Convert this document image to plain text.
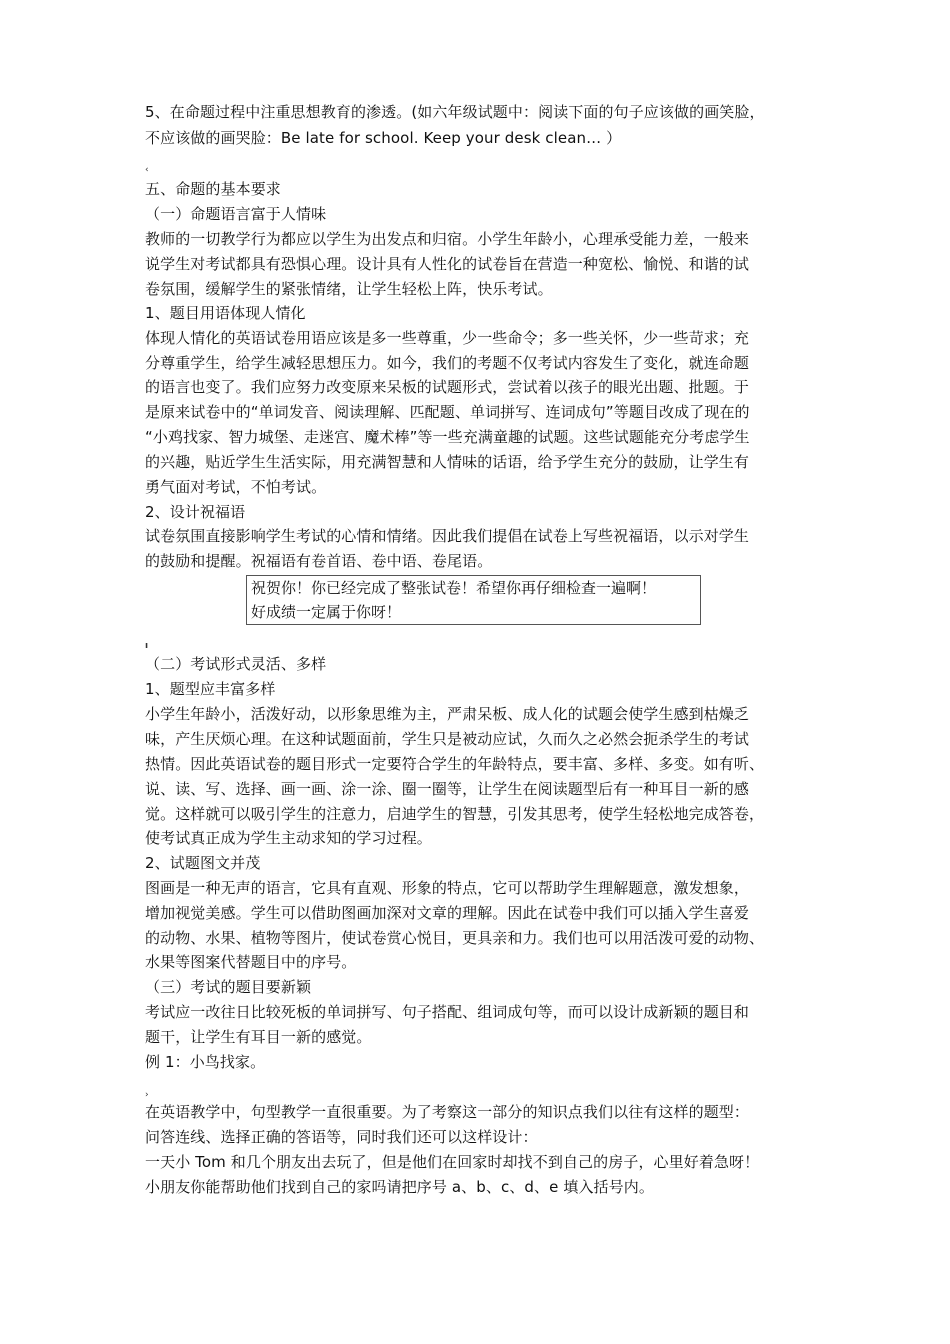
5、在命题过程中注重思想教育的渗透。(如六年级试题中：阅读下面的句子应该做的画笑脸，
不应该做的画哭脸：Be late for school. Keep your desk clean… ）
‹
五、命题的基本要求
（一）命题语言富于人情味
教师的一切教学行为都应以学生为出发点和归宿。小学生年龄小，心理承受能力差，一般来
说学生对考试都具有恐惧心理。设计具有人性化的试卷旨在营造一种宽松、愉悦、和谐的试
卷氛围，缓解学生的紧张情绪，让学生轻松上阵，快乐考试。
1、题目用语体现人情化
体现人情化的英语试卷用语应该是多一些尊重，少一些命令；多一些关怀，少一些苛求；充
分尊重学生，给学生减轻思想压力。如今，我们的考题不仅考试内容发生了变化，就连命题
的语言也变了。我们应努力改变原来呆板的试题形式，尝试着以孩子的眼光出题、批题。于
是原来试卷中的“单词发音、阅读理解、匹配题、单词拼写、连词成句”等题目改成了现在的
“小鸡找家、智力城堡、走迷宫、魔术棒”等一些充满童趣的试题。这些试题能充分考虑学生
的兴趣，贴近学生生活实际，用充满智慧和人情味的话语，给予学生充分的鼓励，让学生有
勇气面对考试，不怕考试。
2、设计祝福语
试卷氛围直接影响学生考试的心情和情绪。因此我们提倡在试卷上写些祝福语，以示对学生
的鼓励和提醒。祝福语有卷首语、卷中语、卷尾语。
祝贺你！你已经完成了整张试卷！希望你再仔细检查一遍啊！
好成绩一定属于你呀！
ı
（二）考试形式灵活、多样
1、题型应丰富多样
小学生年龄小，活泼好动，以形象思维为主，严肃呆板、成人化的试题会使学生感到枯燥乏
味，产生厌烦心理。在这种试题面前，学生只是被动应试，久而久之必然会扼杀学生的考试
热情。因此英语试卷的题目形式一定要符合学生的年龄特点，要丰富、多样、多变。如有听、
说、读、写、选择、画一画、涂一涂、圈一圈等，让学生在阅读题型后有一种耳目一新的感
觉。这样就可以吸引学生的注意力，启迪学生的智慧，引发其思考，使学生轻松地完成答卷，
使考试真正成为学生主动求知的学习过程。
2、试题图文并茂
图画是一种无声的语言，它具有直观、形象的特点，它可以帮助学生理解题意，激发想象，
增加视觉美感。学生可以借助图画加深对文章的理解。因此在试卷中我们可以插入学生喜爱
的动物、水果、植物等图片，使试卷赏心悦目，更具亲和力。我们也可以用活泼可爱的动物、
水果等图案代替题目中的序号。
（三）考试的题目要新颖
考试应一改往日比较死板的单词拼写、句子搭配、组词成句等，而可以设计成新颖的题目和
题干，让学生有耳目一新的感觉。
例 1：小鸟找家。
›
在英语教学中，句型教学一直很重要。为了考察这一部分的知识点我们以往有这样的题型：
问答连线、选择正确的答语等，同时我们还可以这样设计：
一天小 Tom 和几个朋友出去玩了，但是他们在回家时却找不到自己的房子，心里好着急呀！
小朋友你能帮助他们找到自己的家吗请把序号 a、b、c、d、e 填入括号内。
